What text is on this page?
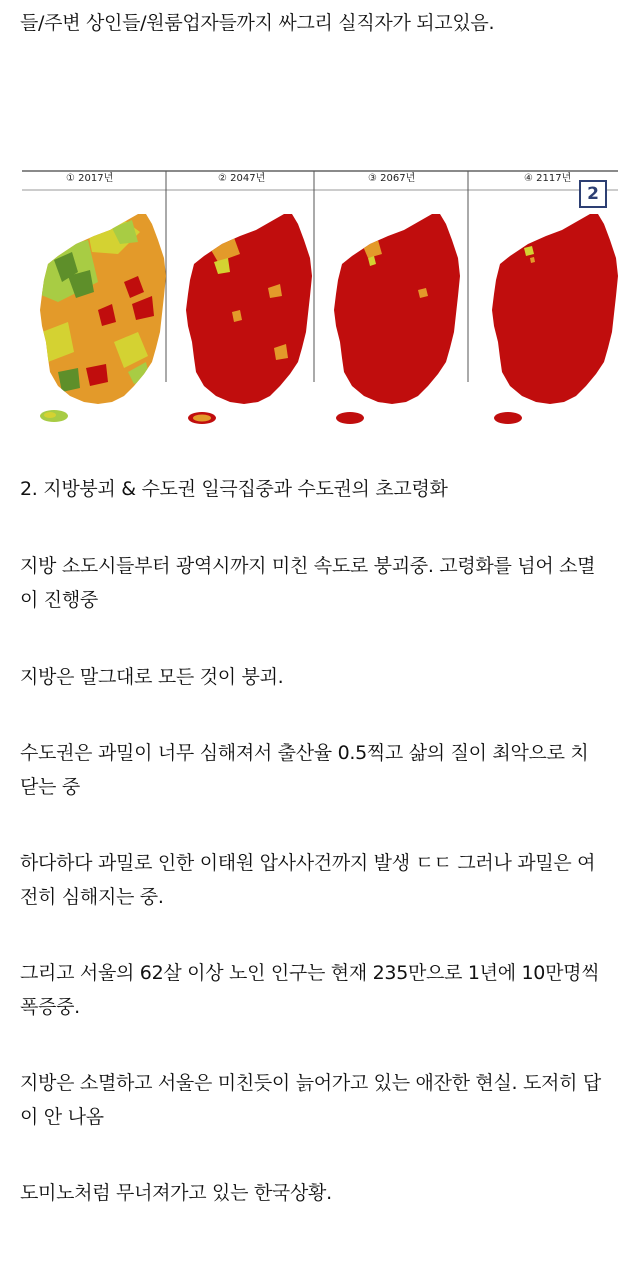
들/주변 상인들/원룸업자들까지 싸그리 실직자가 되고있음.
① 2017년	② 2047년	③ 2067년	④ 2117년
2
2. 지방붕괴 & 수도권 일극집중과 수도권의 초고령화
지방 소도시들부터 광역시까지 미친 속도로 붕괴중. 고령화를 넘어 소멸
이 진행중
지방은 말그대로 모든 것이 붕괴.
수도권은 과밀이 너무 심해져서 출산율 0.5찍고 삶의 질이 최악으로 치
닫는 중
하다하다 과밀로 인한 이태원 압사사건까지 발생 ㄷㄷ 그러나 과밀은 여
전히 심해지는 중.
그리고 서울의 62살 이상 노인 인구는 현재 235만으로 1년에 10만명씩
폭증중.
지방은 소멸하고 서울은 미친듯이 늙어가고 있는 애잔한 현실. 도저히 답
이 안 나옴
도미노처럼 무너져가고 있는 한국상황.
